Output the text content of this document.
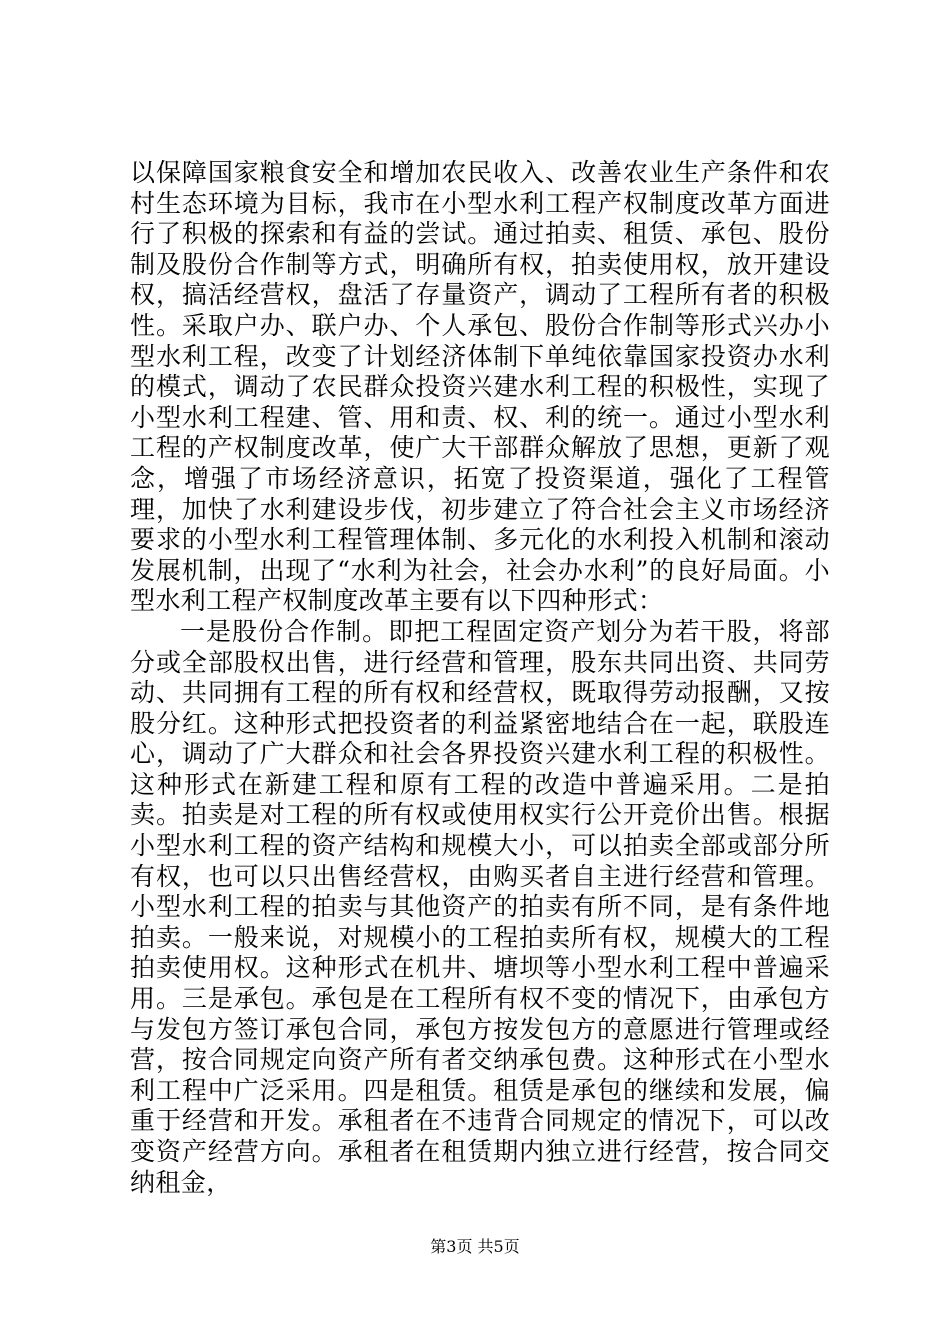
以保障国家粮食安全和增加农民收入、改善农业生产条件和农村生态环境为目标，我市在小型水利工程产权制度改革方面进行了积极的探索和有益的尝试。通过拍卖、租赁、承包、股份制及股份合作制等方式，明确所有权，拍卖使用权，放开建设权，搞活经营权，盘活了存量资产，调动了工程所有者的积极性。采取户办、联户办、个人承包、股份合作制等形式兴办小型水利工程，改变了计划经济体制下单纯依靠国家投资办水利的模式，调动了农民群众投资兴建水利工程的积极性，实现了小型水利工程建、管、用和责、权、利的统一。通过小型水利工程的产权制度改革，使广大干部群众解放了思想，更新了观念，增强了市场经济意识，拓宽了投资渠道，强化了工程管理，加快了水利建设步伐，初步建立了符合社会主义市场经济要求的小型水利工程管理体制、多元化的水利投入机制和滚动发展机制，出现了“水利为社会，社会办水利”的良好局面。小型水利工程产权制度改革主要有以下四种形式：

一是股份合作制。即把工程固定资产划分为若干股，将部分或全部股权出售，进行经营和管理，股东共同出资、共同劳动、共同拥有工程的所有权和经营权，既取得劳动报酬，又按股分红。这种形式把投资者的利益紧密地结合在一起，联股连心，调动了广大群众和社会各界投资兴建水利工程的积极性。这种形式在新建工程和原有工程的改造中普遍采用。二是拍卖。拍卖是对工程的所有权或使用权实行公开竞价出售。根据小型水利工程的资产结构和规模大小，可以拍卖全部或部分所有权，也可以只出售经营权，由购买者自主进行经营和管理。小型水利工程的拍卖与其他资产的拍卖有所不同，是有条件地拍卖。一般来说，对规模小的工程拍卖所有权，规模大的工程拍卖使用权。这种形式在机井、塘坝等小型水利工程中普遍采用。三是承包。承包是在工程所有权不变的情况下，由承包方与发包方签订承包合同，承包方按发包方的意愿进行管理或经营，按合同规定向资产所有者交纳承包费。这种形式在小型水利工程中广泛采用。四是租赁。租赁是承包的继续和发展，偏重于经营和开发。承租者在不违背合同规定的情况下，可以改变资产经营方向。承租者在租赁期内独立进行经营，按合同交纳租金，

第3页 共5页
